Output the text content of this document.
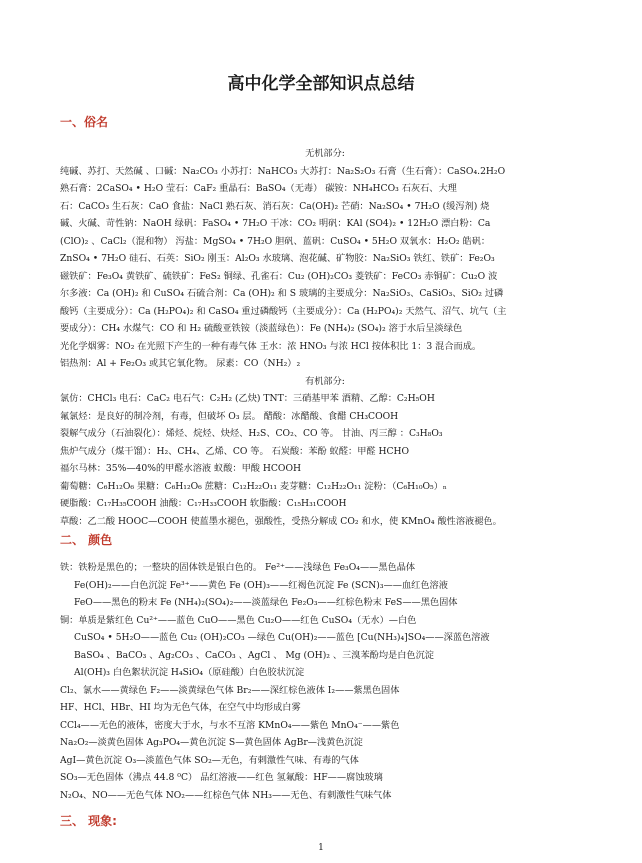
高中化学全部知识点总结
一、俗名
无机部分:
纯碱、苏打、天然碱 、口碱：Na₂CO₃ 小苏打：NaHCO₃ 大苏打：Na₂S₂O₃ 石膏（生石膏）：CaSO₄.2H₂O
熟石膏：2CaSO₄ • H₂O 莹石：CaF₂ 重晶石：BaSO₄（无毒） 碳铵：NH₄HCO₃ 石灰石、大理
石：CaCO₃ 生石灰：CaO 食盐：NaCl 熟石灰、消石灰：Ca(OH)₂ 芒硝：Na₂SO₄ • 7H₂O (缓泻剂) 烧
碱、火碱、苛性钠：NaOH 绿矾：FaSO₄ • 7H₂O 干冰：CO₂ 明矾：KAl (SO4)₂ • 12H₂O 漂白粉：Ca
(ClO)₂ 、CaCl₂（混和物） 泻盐：MgSO₄ • 7H₂O 胆矾、蓝矾：CuSO₄ • 5H₂O 双氧水：H₂O₂ 皓矾：
ZnSO₄ • 7H₂O 硅石、石英：SiO₂ 刚玉：Al₂O₃ 水玻璃、泡花碱、矿物胶：Na₂SiO₃ 铁红、铁矿：Fe₂O₃
磁铁矿：Fe₃O₄ 黄铁矿、硫铁矿：FeS₂ 铜绿、孔雀石：Cu₂ (OH)₂CO₃ 菱铁矿：FeCO₃ 赤铜矿：Cu₂O 波
尔多液：Ca (OH)₂ 和 CuSO₄ 石硫合剂：Ca (OH)₂ 和 S 玻璃的主要成分：Na₂SiO₃、CaSiO₃、SiO₂ 过磷
酸钙（主要成分）：Ca (H₂PO₄)₂ 和 CaSO₄ 重过磷酸钙（主要成分）：Ca (H₂PO₄)₂ 天然气、沼气、坑气（主
要成分）：CH₄ 水煤气：CO 和 H₂ 硫酸亚铁铵（淡蓝绿色）：Fe (NH₄)₂ (SO₄)₂ 溶于水后呈淡绿色
光化学烟雾：NO₂ 在光照下产生的一种有毒气体 王水：浓 HNO₃ 与浓 HCl 按体积比 1：3 混合而成。
铝热剂：Al + Fe₂O₃ 或其它氧化物。 尿素：CO（NH₂）₂
有机部分:
氯仿：CHCl₃ 电石：CaC₂ 电石气：C₂H₂ (乙炔) TNT：三硝基甲苯 酒精、乙醇：C₂H₅OH
氟氯烃：是良好的制冷剂，有毒，但破坏 O₃ 层。 醋酸：冰醋酸、食醋 CH₃COOH
裂解气成分（石油裂化）：烯烃、烷烃、炔烃、H₂S、CO₂、CO 等。 甘油、丙三醇 ：C₃H₈O₃
焦炉气成分（煤干馏）：H₂、CH₄、乙烯、CO 等。 石炭酸：苯酚 蚁醛：甲醛 HCHO
福尔马林：35%—40%的甲醛水溶液 蚁酸：甲酸 HCOOH
葡萄糖：C₆H₁₂O₆ 果糖：C₆H₁₂O₆ 蔗糖：C₁₂H₂₂O₁₁ 麦芽糖：C₁₂H₂₂O₁₁ 淀粉：（C₆H₁₀O₅）ₙ
硬脂酸：C₁₇H₃₅COOH 油酸：C₁₇H₃₃COOH 软脂酸：C₁₅H₃₁COOH
草酸：乙二酸 HOOC—COOH 使蓝墨水褪色，强酸性，受热分解成 CO₂ 和水，使 KMnO₄ 酸性溶液褪色。
二、 颜色
铁：铁粉是黑色的；一整块的固体铁是银白色的。 Fe²⁺——浅绿色 Fe₃O₄——黑色晶体
Fe(OH)₂——白色沉淀 Fe³⁺——黄色 Fe (OH)₃——红褐色沉淀 Fe (SCN)₃——血红色溶液
FeO——黑色的粉末 Fe (NH₄)₂(SO₄)₂——淡蓝绿色 Fe₂O₃——红棕色粉末 FeS——黑色固体
铜：单质是紫红色 Cu²⁺——蓝色 CuO——黑色 Cu₂O——红色 CuSO₄（无水）—白色
CuSO₄ • 5H₂O——蓝色 Cu₂ (OH)₂CO₃ —绿色 Cu(OH)₂——蓝色 [Cu(NH₃)₄]SO₄——深蓝色溶液
BaSO₄ 、BaCO₃ 、Ag₂CO₃ 、CaCO₃ 、AgCl 、 Mg (OH)₂ 、三溴苯酚均是白色沉淀
Al(OH)₃ 白色絮状沉淀 H₄SiO₄（原硅酸）白色胶状沉淀
Cl₂、氯水——黄绿色 F₂——淡黄绿色气体 Br₂——深红棕色液体 I₂——紫黑色固体
HF、HCl、HBr、HI 均为无色气体，在空气中均形成白雾
CCl₄——无色的液体，密度大于水，与水不互溶 KMnO₄——紫色 MnO₄⁻——紫色
Na₂O₂—淡黄色固体 Ag₃PO₄—黄色沉淀 S—黄色固体 AgBr—浅黄色沉淀
AgI—黄色沉淀 O₃—淡蓝色气体 SO₂—无色，有剌激性气味、有毒的气体
SO₃—无色固体（沸点 44.8 ⁰C） 品红溶液——红色 氢氟酸：HF——腐蚀玻璃
N₂O₄、NO——无色气体 NO₂——红棕色气体 NH₃——无色、有剌激性气味气体
三、 现象:
1
